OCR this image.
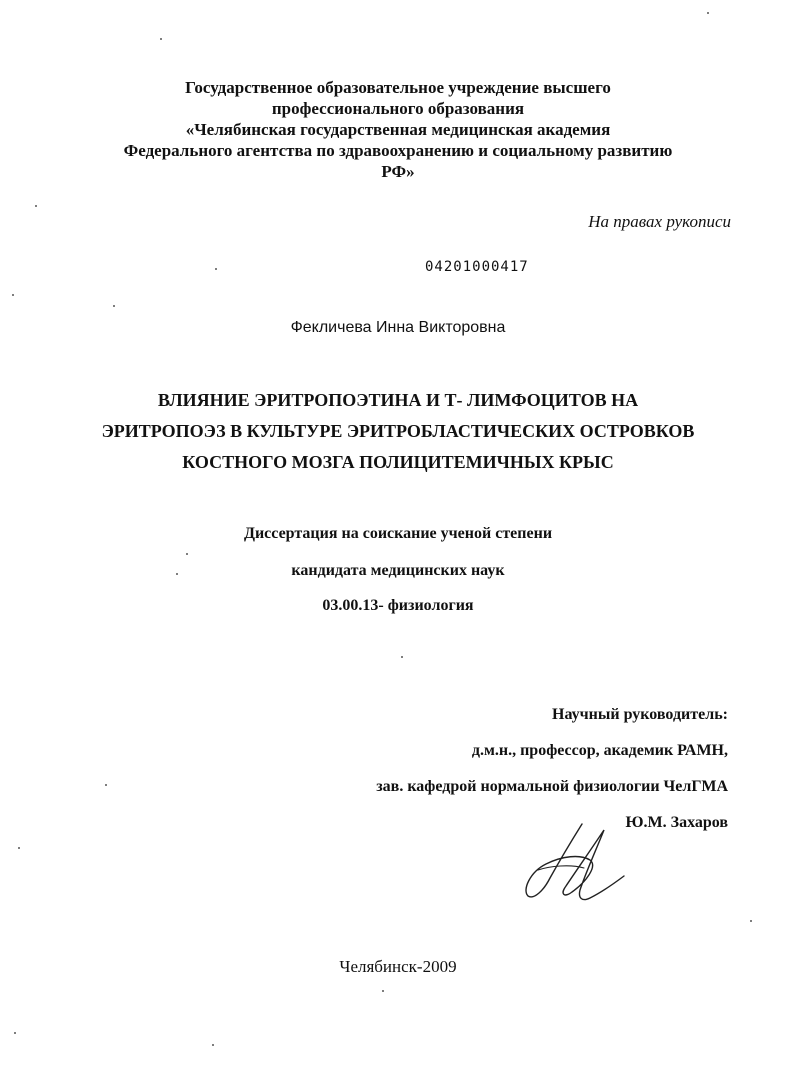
Государственное образовательное учреждение высшего
профессионального образования
«Челябинская государственная медицинская академия
Федерального агентства по здравоохранению и социальному развитию
РФ»
На правах рукописи
04201000417
Фекличева Инна Викторовна
ВЛИЯНИЕ ЭРИТРОПОЭТИНА И Т- ЛИМФОЦИТОВ НА
ЭРИТРОПОЭЗ В КУЛЬТУРЕ ЭРИТРОБЛАСТИЧЕСКИХ ОСТРОВКОВ
КОСТНОГО МОЗГА ПОЛИЦИТЕМИЧНЫХ КРЫС
Диссертация на соискание ученой степени
кандидата медицинских наук
03.00.13- физиология
Научный руководитель:
д.м.н., профессор, академик РАМН,
зав. кафедрой нормальной физиологии ЧелГМА
Ю.М. Захаров
Челябинск-2009
